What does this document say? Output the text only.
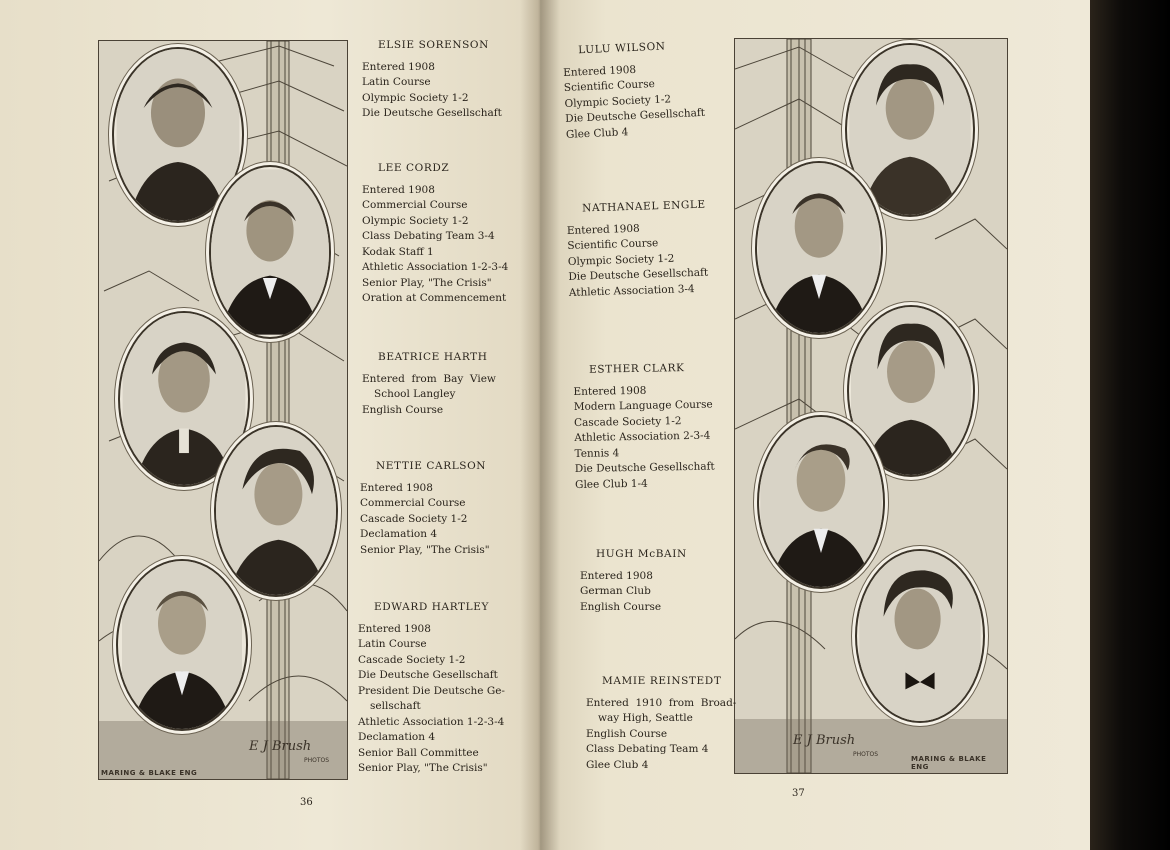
MARING & BLAKE ENG
E J Brush
PHOTOS	MARING & BLAKE ENG
E J Brush
PHOTOS
ELSIE SORENSON
Entered 1908
Latin Course
Olympic Society 1-2
Die Deutsche Gesellschaft
LEE CORDZ
Entered 1908
Commercial Course
Olympic Society 1-2
Class Debating Team 3-4
Kodak Staff 1
Athletic Association 1-2-3-4
Senior Play, "The Crisis"
Oration at Commencement
BEATRICE HARTH
Entered  from  Bay  View
School Langley
English Course
NETTIE CARLSON
Entered 1908
Commercial Course
Cascade Society 1-2
Declamation 4
Senior Play, "The Crisis"
EDWARD HARTLEY
Entered 1908
Latin Course
Cascade Society 1-2
Die Deutsche Gesellschaft
President Die Deutsche Ge-
sellschaft
Athletic Association 1-2-3-4
Declamation 4
Senior Ball Committee
Senior Play, "The Crisis"
36
LULU WILSON
Entered 1908
Scientific Course
Olympic Society 1-2
Die Deutsche Gesellschaft
Glee Club 4
NATHANAEL ENGLE
Entered 1908
Scientific Course
Olympic Society 1-2
Die Deutsche Gesellschaft
Athletic Association 3-4
ESTHER CLARK
Entered 1908
Modern Language Course
Cascade Society 1-2
Athletic Association 2-3-4
Tennis 4
Die Deutsche Gesellschaft
Glee Club 1-4
HUGH McBAIN
Entered 1908
German Club
English Course
MAMIE REINSTEDT
Entered  1910  from  Broad-
way High, Seattle
English Course
Class Debating Team 4
Glee Club 4
37
